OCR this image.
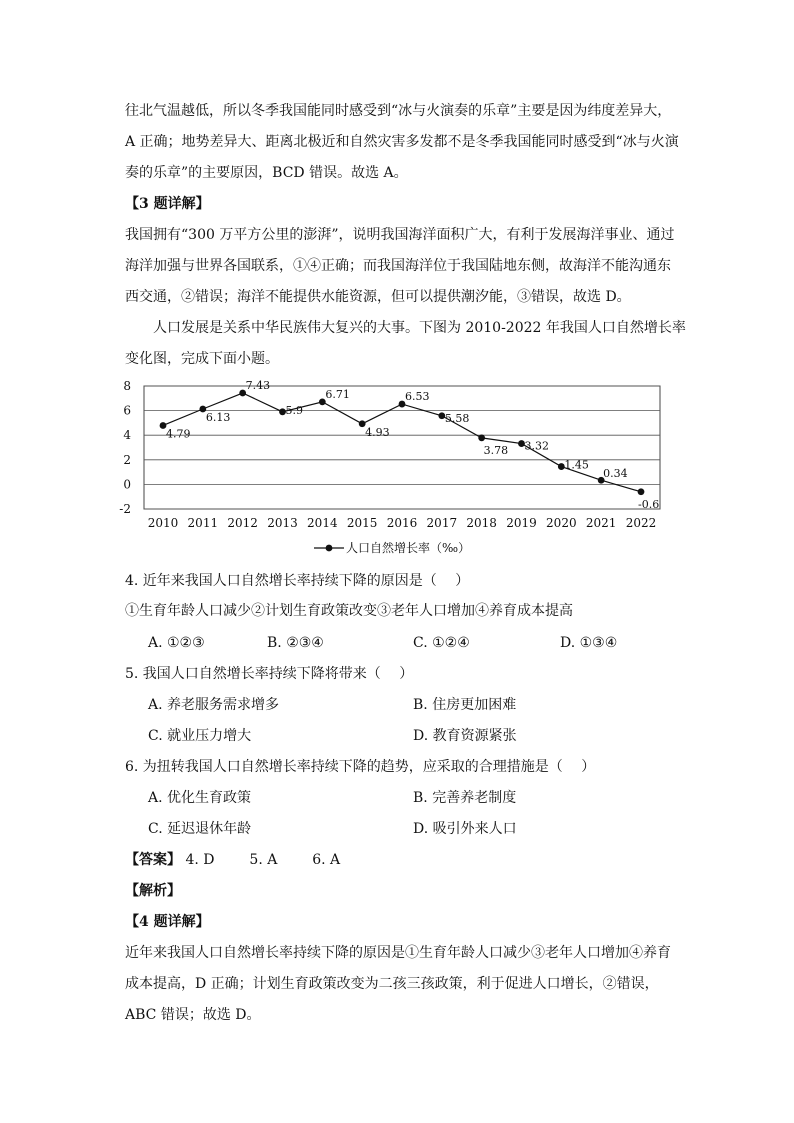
往北气温越低，所以冬季我国能同时感受到“冰与火演奏的乐章”主要是因为纬度差异大，
A 正确；地势差异大、距离北极近和自然灾害多发都不是冬季我国能同时感受到“冰与火演
奏的乐章”的主要原因，BCD 错误。故选 A。

【3 题详解】
我国拥有“300 万平方公里的澎湃”，说明我国海洋面积广大，有利于发展海洋事业、通过
海洋加强与世界各国联系，①④正确；而我国海洋位于我国陆地东侧，故海洋不能沟通东
西交通，②错误；海洋不能提供水能资源，但可以提供潮汐能，③错误，故选 D。

人口发展是关系中华民族伟大复兴的大事。下图为 2010-2022 年我国人口自然增长率
变化图，完成下面小题。

8
6
4
2
0
-2
2010 2011 2012 2013 2014 2015 2016 2017 2018 2019 2020 2021 2022
4.79
6.13
7.43
5.9
6.71
4.93
6.53
5.58
3.78 3.32
1.45
0.34
-0.6
人口自然增长率（‰）
4. 近年来我国人口自然增长率持续下降的原因是（　 ）
①生育年龄人口减少②计划生育政策改变③老年人口增加④养育成本提高
A. ①②③	B. ②③④	C. ①②④	D. ①③④
5. 我国人口自然增长率持续下降将带来（　 ）
A. 养老服务需求增多	B. 住房更加困难
C. 就业压力增大	D. 教育资源紧张
6. 为扭转我国人口自然增长率持续下降的趋势，应采取的合理措施是（　 ）
A. 优化生育政策	B. 完善养老制度
C. 延迟退休年龄	D. 吸引外来人口
【答案】 4. D 5. A 6. A
【解析】
【4 题详解】

近年来我国人口自然增长率持续下降的原因是①生育年龄人口减少③老年人口增加④养育
成本提高，D 正确；计划生育政策改变为二孩三孩政策，利于促进人口增长，②错误，
ABC 错误；故选 D。
